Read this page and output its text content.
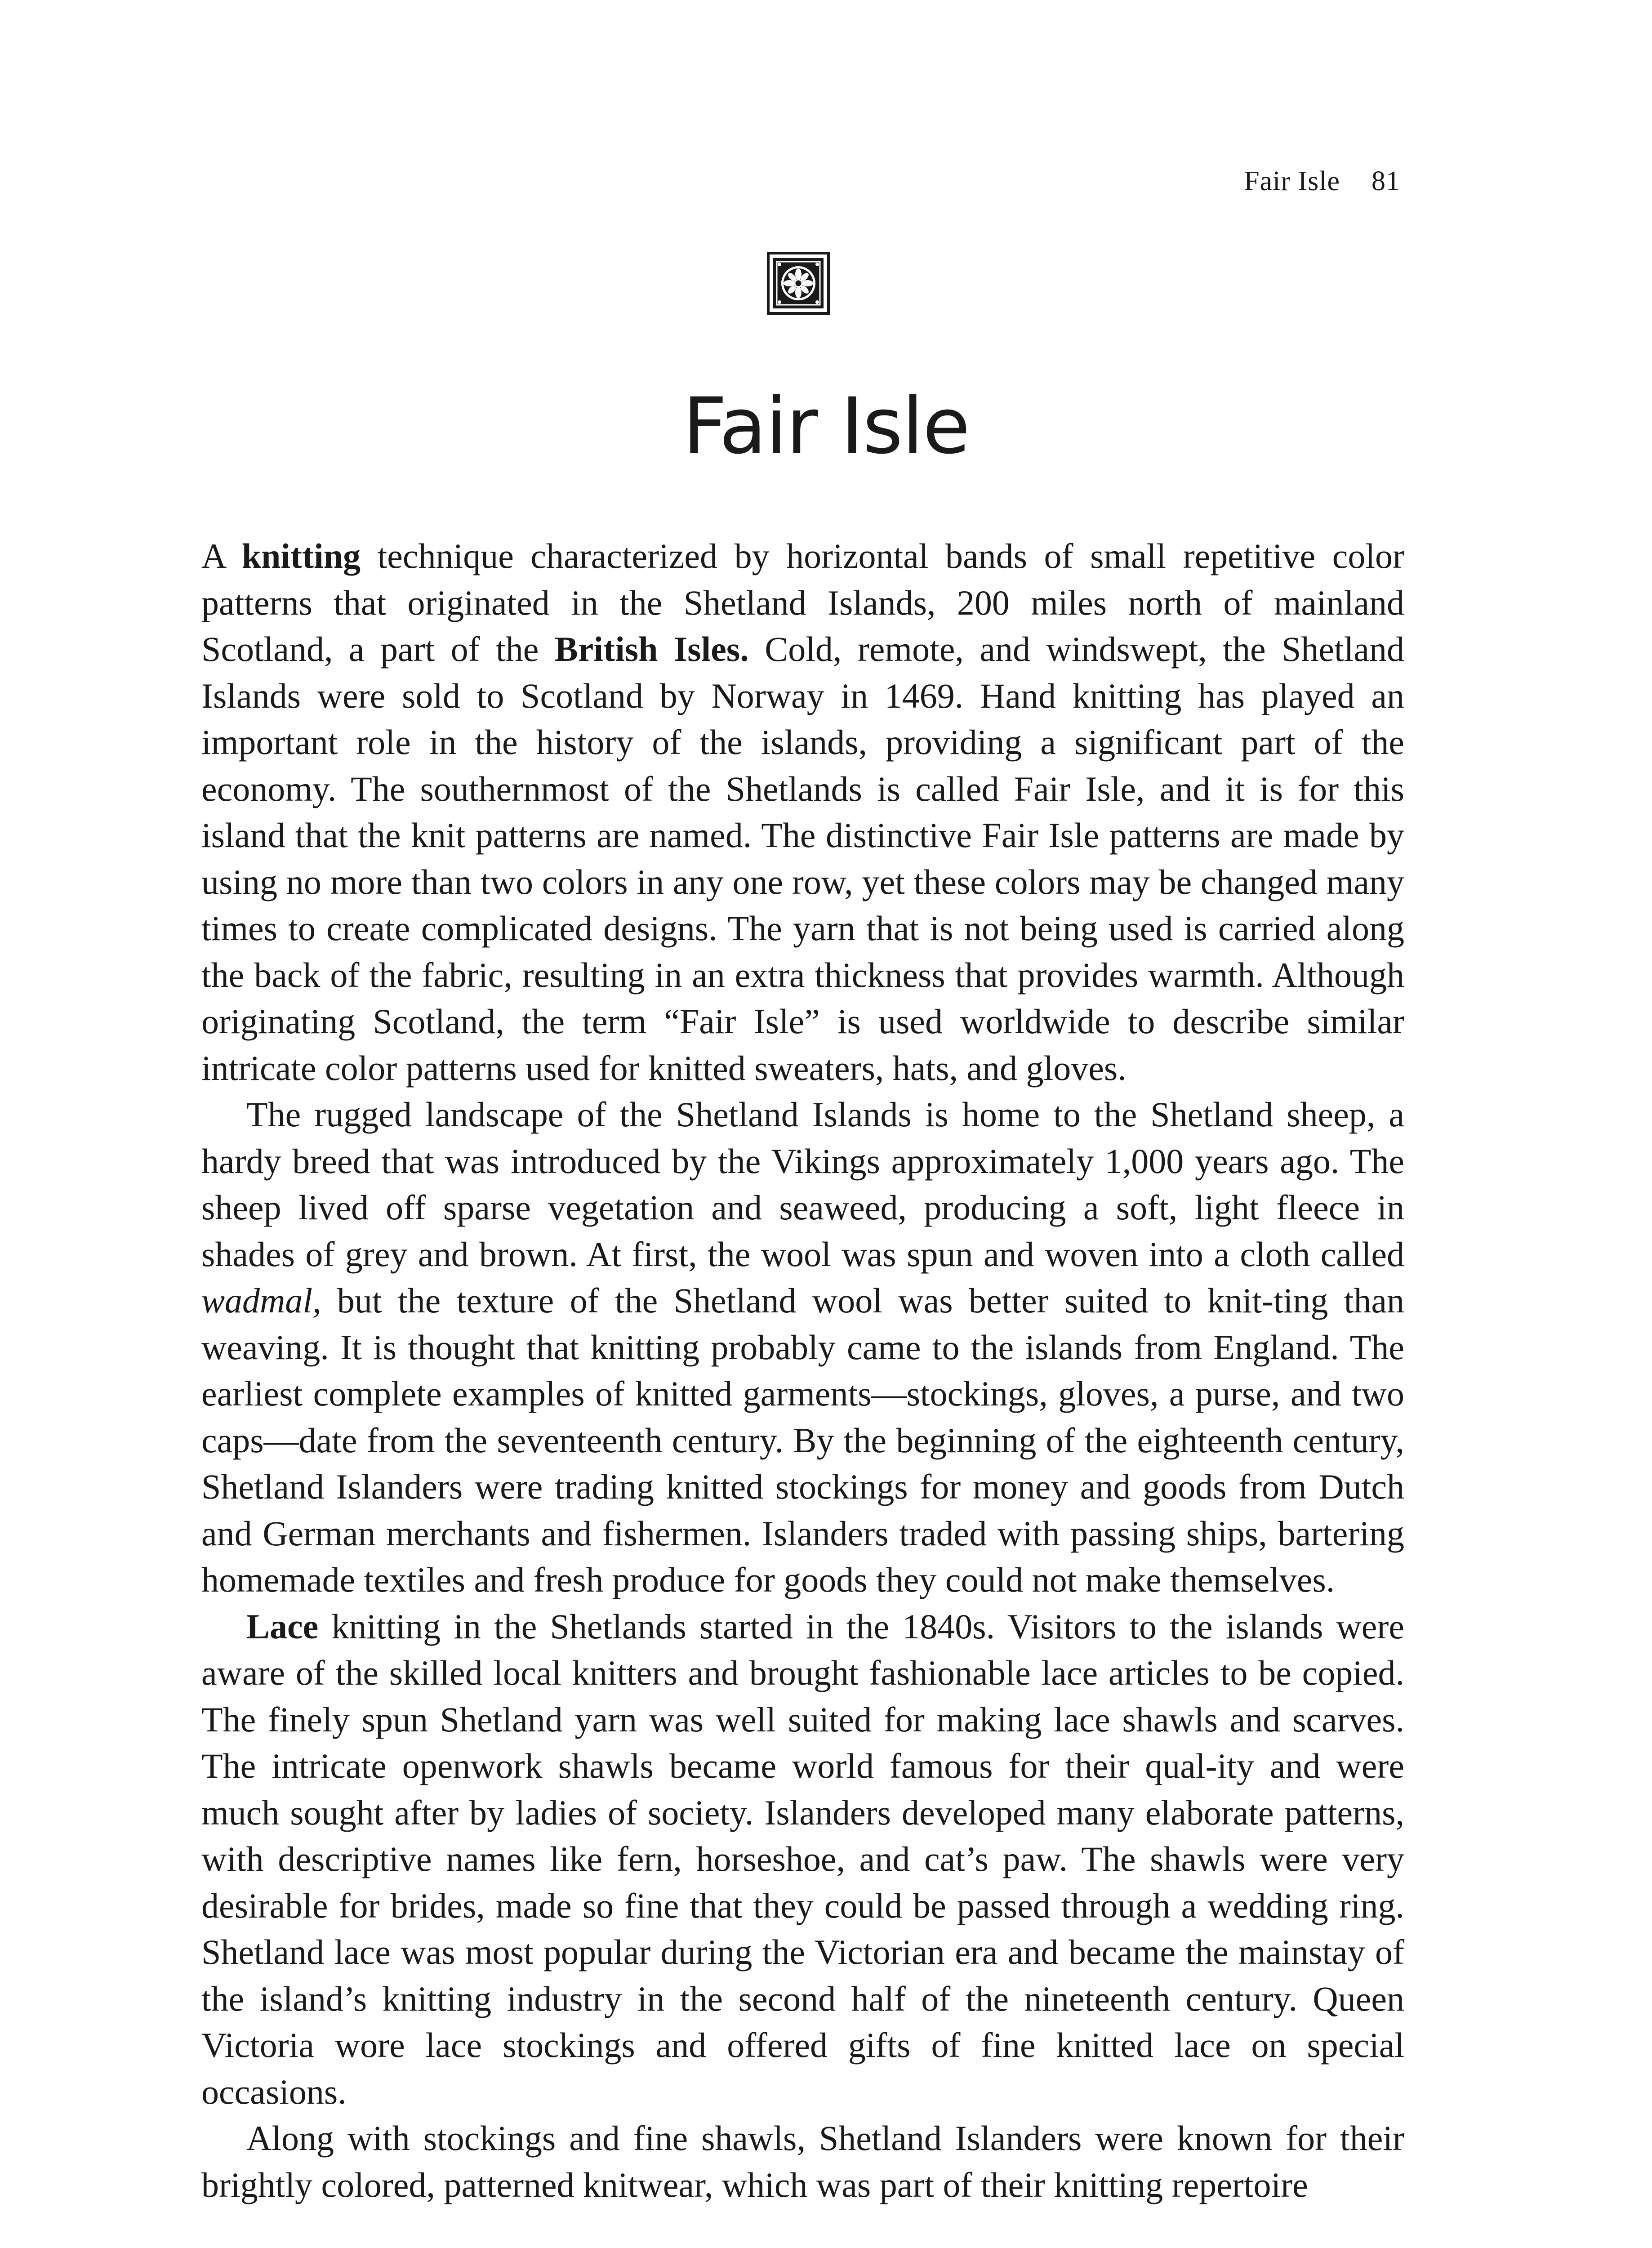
Fair Isle 81
Fair Isle

A knitting technique characterized by horizontal bands of small repetitive color patterns that originated in the Shetland Islands, 200 miles north of mainland Scotland, a part of the British Isles. Cold, remote, and windswept, the Shetland Islands were sold to Scotland by Norway in 1469. Hand knitting has played an important role in the history of the islands, providing a significant part of the economy. The southernmost of the Shetlands is called Fair Isle, and it is for this island that the knit patterns are named. The distinctive Fair Isle patterns are made by using no more than two colors in any one row, yet these colors may be changed many times to create complicated designs. The yarn that is not being used is carried along the back of the fabric, resulting in an extra thickness that provides warmth. Although originating Scotland, the term “Fair Isle” is used worldwide to describe similar intricate color patterns used for knitted sweaters, hats, and gloves.

The rugged landscape of the Shetland Islands is home to the Shetland sheep, a hardy breed that was introduced by the Vikings approximately 1,000 years ago. The sheep lived off sparse vegetation and seaweed, producing a soft, light fleece in shades of grey and brown. At first, the wool was spun and woven into a cloth called wadmal, but the texture of the Shetland wool was better suited to knit-ting than weaving. It is thought that knitting probably came to the islands from England. The earliest complete examples of knitted garments—stockings, gloves, a purse, and two caps—date from the seventeenth century. By the beginning of the eighteenth century, Shetland Islanders were trading knitted stockings for money and goods from Dutch and German merchants and fishermen. Islanders traded with passing ships, bartering homemade textiles and fresh produce for goods they could not make themselves.

Lace knitting in the Shetlands started in the 1840s. Visitors to the islands were aware of the skilled local knitters and brought fashionable lace articles to be copied. The finely spun Shetland yarn was well suited for making lace shawls and scarves. The intricate openwork shawls became world famous for their qual-ity and were much sought after by ladies of society. Islanders developed many elaborate patterns, with descriptive names like fern, horseshoe, and cat’s paw. The shawls were very desirable for brides, made so fine that they could be passed through a wedding ring. Shetland lace was most popular during the Victorian era and became the mainstay of the island’s knitting industry in the second half of the nineteenth century. Queen Victoria wore lace stockings and offered gifts of fine knitted lace on special occasions.

Along with stockings and fine shawls, Shetland Islanders were known for their brightly colored, patterned knitwear, which was part of their knitting repertoire
